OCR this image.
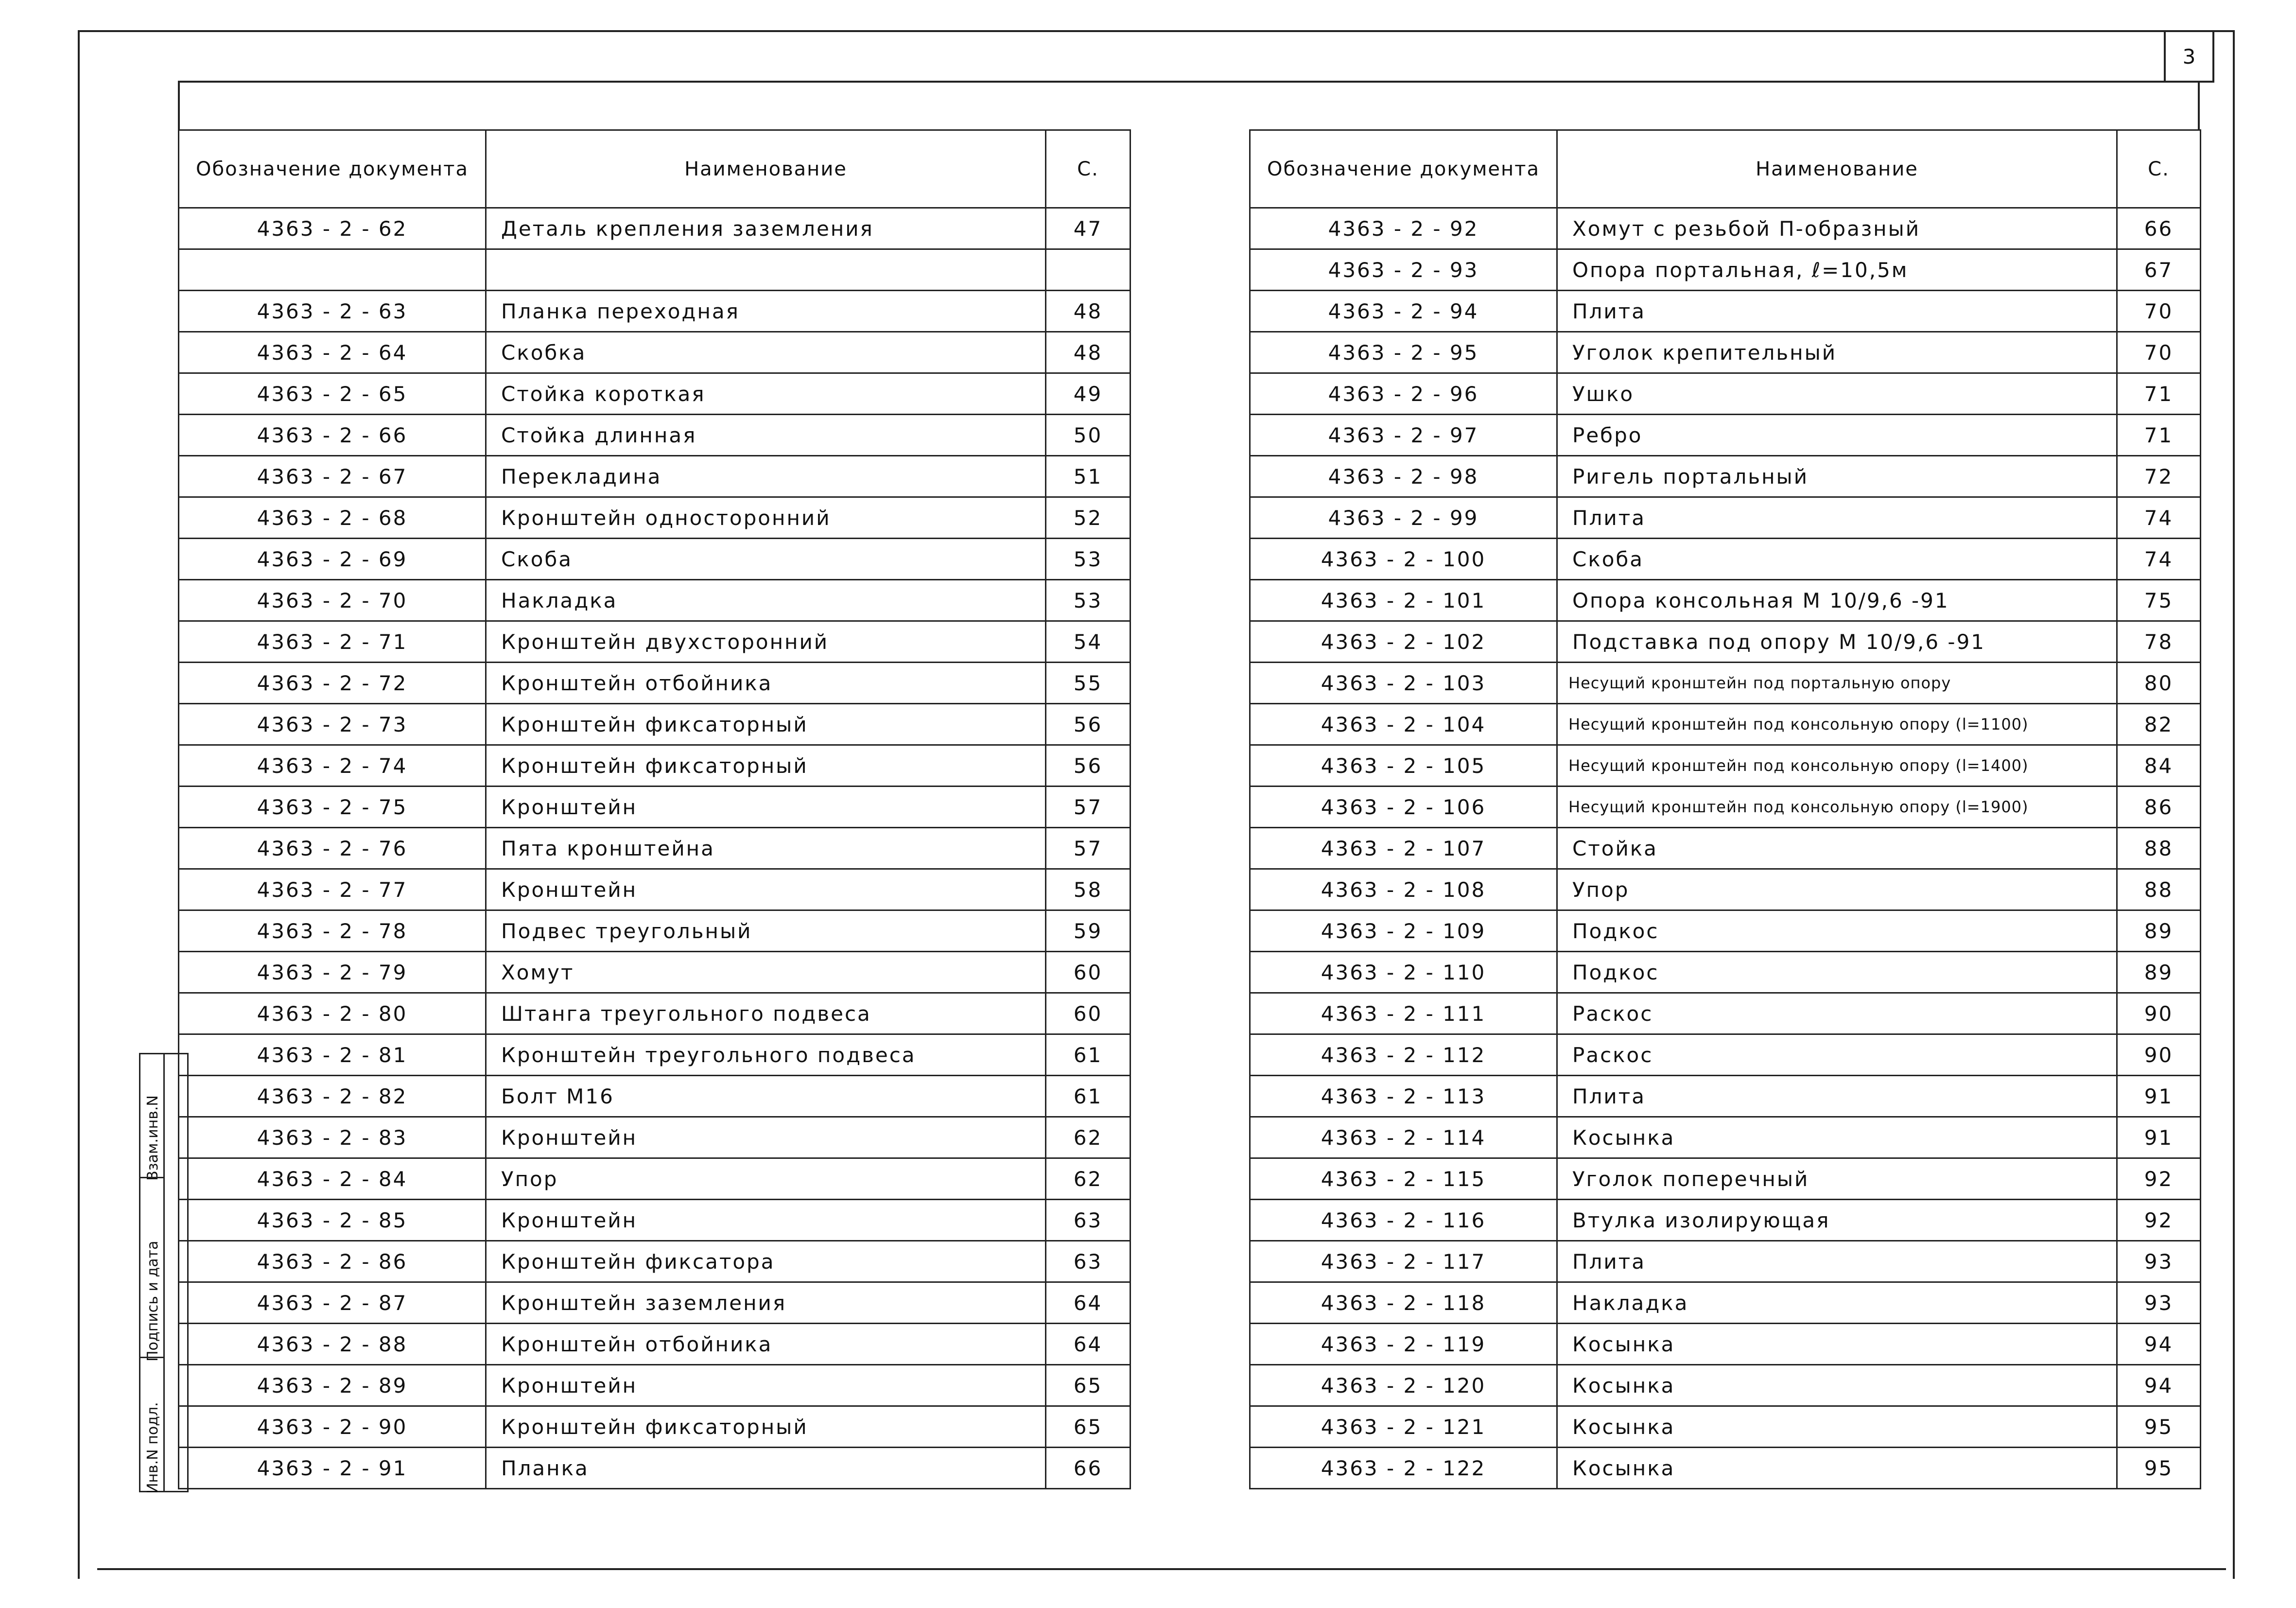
3
Инв.N подл.
Подпись и дата
Взам.инв.N
Обозначение документа	Наименование	С.
4363 - 2 - 62	Деталь крепления заземления	47

4363 - 2 - 63	Планка переходная	48
4363 - 2 - 64	Скобка	48
4363 - 2 - 65	Стойка короткая	49
4363 - 2 - 66	Стойка длинная	50
4363 - 2 - 67	Перекладина	51
4363 - 2 - 68	Кронштейн односторонний	52
4363 - 2 - 69	Скоба	53
4363 - 2 - 70	Накладка	53
4363 - 2 - 71	Кронштейн двухсторонний	54
4363 - 2 - 72	Кронштейн отбойника	55
4363 - 2 - 73	Кронштейн фиксаторный	56
4363 - 2 - 74	Кронштейн фиксаторный	56
4363 - 2 - 75	Кронштейн	57
4363 - 2 - 76	Пята кронштейна	57
4363 - 2 - 77	Кронштейн	58
4363 - 2 - 78	Подвес треугольный	59
4363 - 2 - 79	Хомут	60
4363 - 2 - 80	Штанга треугольного подвеса	60
4363 - 2 - 81	Кронштейн треугольного подвеса	61
4363 - 2 - 82	Болт М16	61
4363 - 2 - 83	Кронштейн	62
4363 - 2 - 84	Упор	62
4363 - 2 - 85	Кронштейн	63
4363 - 2 - 86	Кронштейн фиксатора	63
4363 - 2 - 87	Кронштейн заземления	64
4363 - 2 - 88	Кронштейн отбойника	64
4363 - 2 - 89	Кронштейн	65
4363 - 2 - 90	Кронштейн фиксаторный	65
4363 - 2 - 91	Планка	66
Обозначение документа	Наименование	С.
4363 - 2 - 92	Хомут с резьбой П-образный	66
4363 - 2 - 93	Опора портальная, ℓ=10,5м	67
4363 - 2 - 94	Плита	70
4363 - 2 - 95	Уголок крепительный	70
4363 - 2 - 96	Ушко	71
4363 - 2 - 97	Ребро	71
4363 - 2 - 98	Ригель портальный	72
4363 - 2 - 99	Плита	74
4363 - 2 - 100	Скоба	74
4363 - 2 - 101	Опора консольная М 10/9,6 -91	75
4363 - 2 - 102	Подставка под опору М 10/9,6 -91	78
4363 - 2 - 103	Несущий кронштейн под портальную опору	80
4363 - 2 - 104	Несущий кронштейн под консольную опору (l=1100)	82
4363 - 2 - 105	Несущий кронштейн под консольную опору (l=1400)	84
4363 - 2 - 106	Несущий кронштейн под консольную опору (l=1900)	86
4363 - 2 - 107	Стойка	88
4363 - 2 - 108	Упор	88
4363 - 2 - 109	Подкос	89
4363 - 2 - 110	Подкос	89
4363 - 2 - 111	Раскос	90
4363 - 2 - 112	Раскос	90
4363 - 2 - 113	Плита	91
4363 - 2 - 114	Косынка	91
4363 - 2 - 115	Уголок поперечный	92
4363 - 2 - 116	Втулка изолирующая	92
4363 - 2 - 117	Плита	93
4363 - 2 - 118	Накладка	93
4363 - 2 - 119	Косынка	94
4363 - 2 - 120	Косынка	94
4363 - 2 - 121	Косынка	95
4363 - 2 - 122	Косынка	95
